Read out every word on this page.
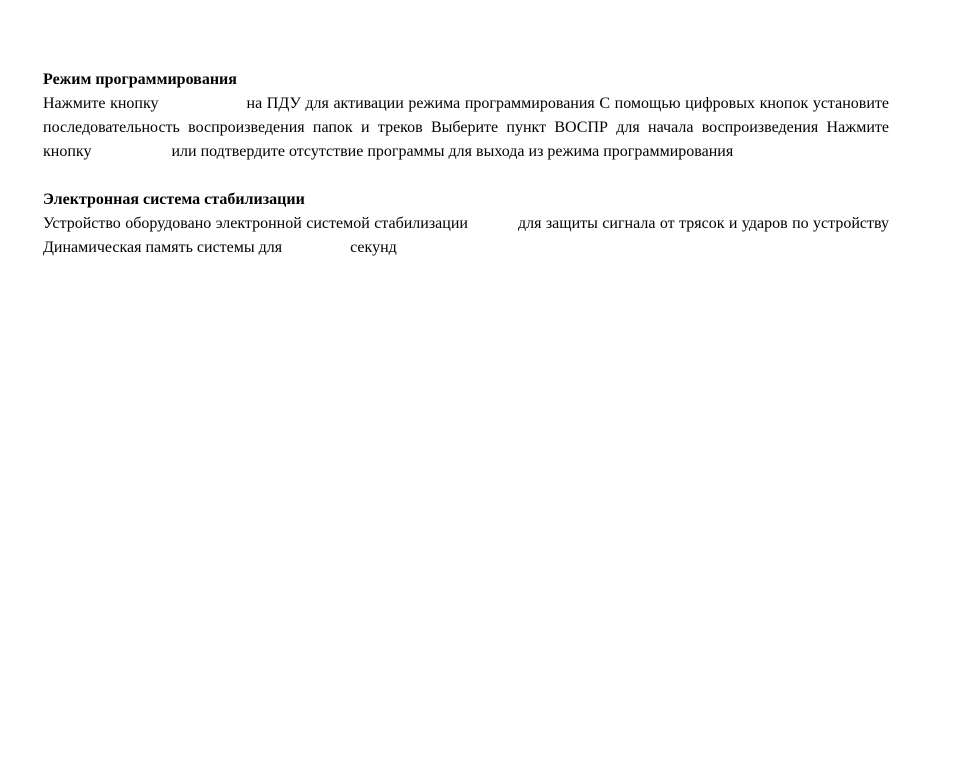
Режим программирования

Нажмите кнопку	на ПДУ для активации режима программирования С помощью цифровых кнопок установите последовательность воспроизведения папок и треков Выберите пункт ВОСПР для начала воспроизведения Нажмите кнопку	или подтвердите отсутствие программы для выхода из режима программирования

Электронная система стабилизации

Устройство оборудовано электронной системой стабилизации	для защиты сигнала от трясок и ударов по устройству Динамическая память системы для	секунд
